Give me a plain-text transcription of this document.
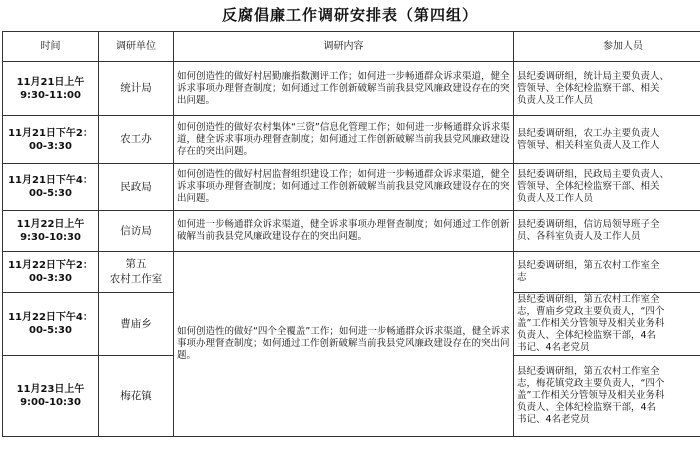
反腐倡廉工作调研安排表（第四组）
时间	调研单位	调研内容	参加人员
11月21日上午9:30-11:00	统计局	如何创造性的做好村居勤廉指数测评工作；如何进一步畅通群众诉求渠道，健全诉求事项办理督查制度；如何通过工作创新破解当前我县党风廉政建设存在的突出问题。	县纪委调研组，统计局主要负责人、
管领导、全体纪检监察干部、相关
负责人及工作人员
11月21日下午2：00-3:30	农工办	如何创造性的做好农村集体“三资”信息化管理工作；如何进一步畅通群众诉求渠道，健全诉求事项办理督查制度；如何通过工作创新破解当前我县党风廉政建设存在的突出问题。	县纪委调研组，农工办主要负责人
管领导、相关科室负责人及工作人
11月21日下午4：00-5:30	民政局	如何创造性的做好村居监督组织建设工作；如何进一步畅通群众诉求渠道，健全诉求事项办理督查制度；如何通过工作创新破解当前我县党风廉政建设存在的突出问题。	县纪委调研组，民政局主要负责人、
管领导、全体纪检监察干部、相关
负责人及工作人员
11月22日上午9:30-10:30	信访局	如何进一步畅通群众诉求渠道，健全诉求事项办理督查制度；如何通过工作创新破解当前我县党风廉政建设存在的突出问题。	县纪委调研组，信访局领导班子全
员、各科室负责人及工作人员
11月22日下午2：00-3:30	第五
农村工作室	如何创造性的做好“四个全覆盖”工作；如何进一步畅通群众诉求渠道，健全诉求事项办理督查制度；如何通过工作创新破解当前我县党风廉政建设存在的突出问题。	县纪委调研组，第五农村工作室全
志
11月22日下午4：00-5:30	曹庙乡		县纪委调研组，第五农村工作室全
志，曹庙乡党政主要负责人，“四个
盖”工作相关分管领导及相关业务科
负责人、全体纪检监察干部，4名
书记、4名老党员
11月23日上午9:00-10:30	梅花镇		县纪委调研组，第五农村工作室全
志，梅花镇党政主要负责人，“四个
盖”工作相关分管领导及相关业务科
负责人、全体纪检监察干部，4名
书记、4名老党员
